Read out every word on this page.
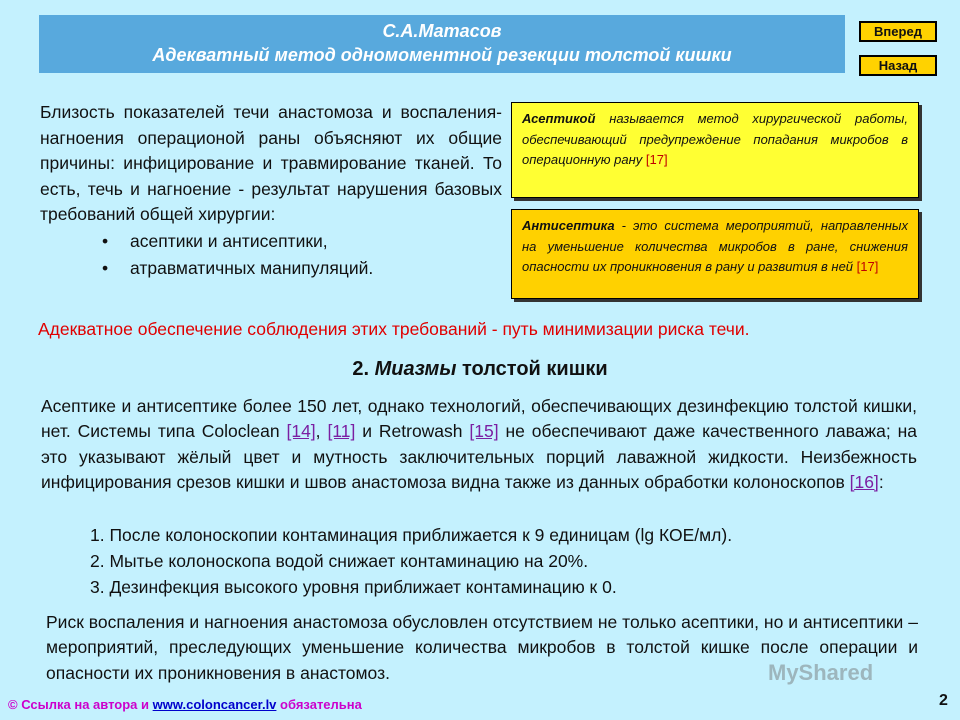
С.А.Матасов
Адекватный метод одномоментной резекции толстой кишки
Вперед
Назад
Близость показателей течи анастомоза и воспаления-нагноения операционой раны объясняют их общие причины: инфицирование и травмирование тканей. То есть, течь и нагноение - результат нарушения базовых требований общей хирургии:
• асептики и антисептики,
• атравматичных манипуляций.
Асептикой называется метод хирургической работы, обеспечивающий предупреждение попадания микробов в операционную рану [17]
Антисептика - это система мероприятий, направленных на уменьшение количества микробов в ране, снижения опасности их проникновения в рану и развития в ней [17]
Адекватное обеспечение соблюдения этих требований - путь минимизации риска течи.
2. Миазмы толстой кишки
Асептике и антисептике более 150 лет, однако технологий, обеспечивающих дезинфекцию толстой кишки, нет. Системы типа Coloclean [14], [11] и Retrowash [15] не обеспечивают даже качественного лаважа; на это указывают жёлый цвет и мутность заключительных порций лаважной жидкости. Неизбежность инфицирования срезов кишки и швов анастомоза видна также из данных обработки колоноскопов [16]:
1. После колоноскопии контаминация приближается к 9 единицам (lg КОЕ/мл).
2. Мытье колоноскопа водой снижает контаминацию на 20%.
3. Дезинфекция высокого уровня приближает контаминацию к 0.
Риск воспаления и нагноения анастомоза обусловлен отсутствием не только асептики, но и антисептики – мероприятий, преследующих уменьшение количества микробов в толстой кишке после операции и опасности их проникновения в анастомоз.	MyShared
© Ссылка на автора и www.coloncancer.lv обязательна	2
